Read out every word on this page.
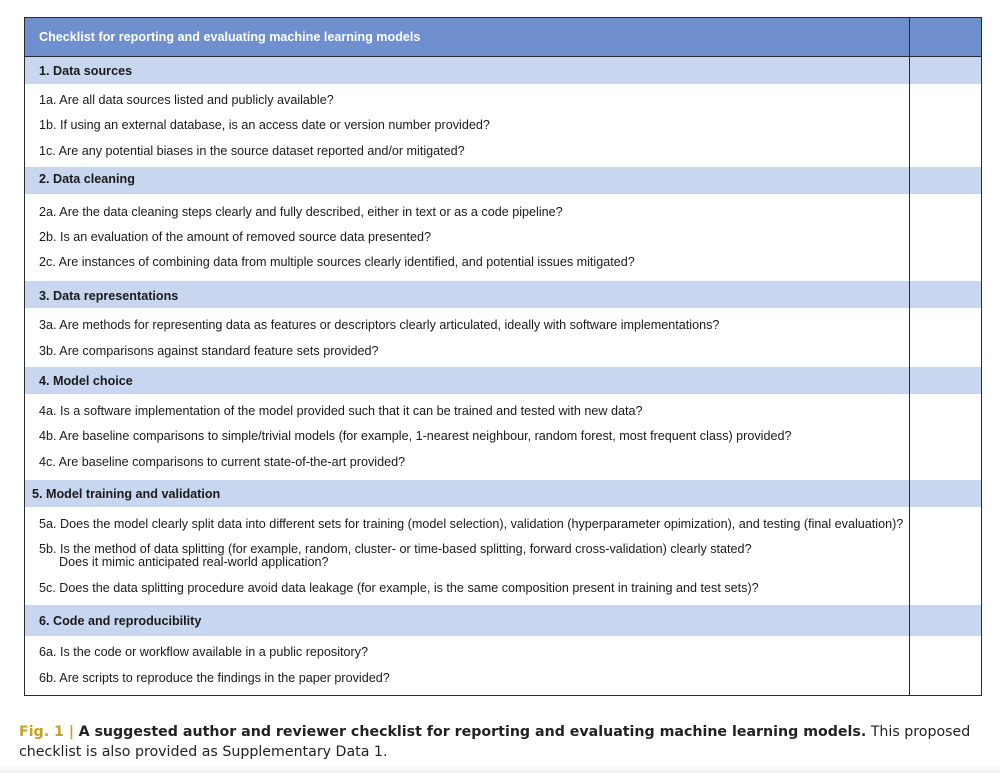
Checklist for reporting and evaluating machine learning models
1. Data sources
1a. Are all data sources listed and publicly available?
1b. If using an external database, is an access date or version number provided?
1c. Are any potential biases in the source dataset reported and/or mitigated?
2. Data cleaning
2a. Are the data cleaning steps clearly and fully described, either in text or as a code pipeline?
2b. Is an evaluation of the amount of removed source data presented?
2c. Are instances of combining data from multiple sources clearly identified, and potential issues mitigated?
3. Data representations
3a. Are methods for representing data as features or descriptors clearly articulated, ideally with software implementations?
3b. Are comparisons against standard feature sets provided?
4. Model choice
4a. Is a software implementation of the model provided such that it can be trained and tested with new data?
4b. Are baseline comparisons to simple/trivial models (for example, 1-nearest neighbour, random forest, most frequent class) provided?
4c. Are baseline comparisons to current state-of-the-art provided?
5. Model training and validation
5a. Does the model clearly split data into different sets for training (model selection), validation (hyperparameter opimization), and testing (final evaluation)?
5b. Is the method of data splitting (for example, random, cluster- or time-based splitting, forward cross-validation) clearly stated?
Does it mimic anticipated real-world application?
5c. Does the data splitting procedure avoid data leakage (for example, is the same composition present in training and test sets)?
6. Code and reproducibility
6a. Is the code or workflow available in a public repository?
6b. Are scripts to reproduce the findings in the paper provided?
Fig. 1 | A suggested author and reviewer checklist for reporting and evaluating machine learning models. This proposed checklist is also provided as Supplementary Data 1.
